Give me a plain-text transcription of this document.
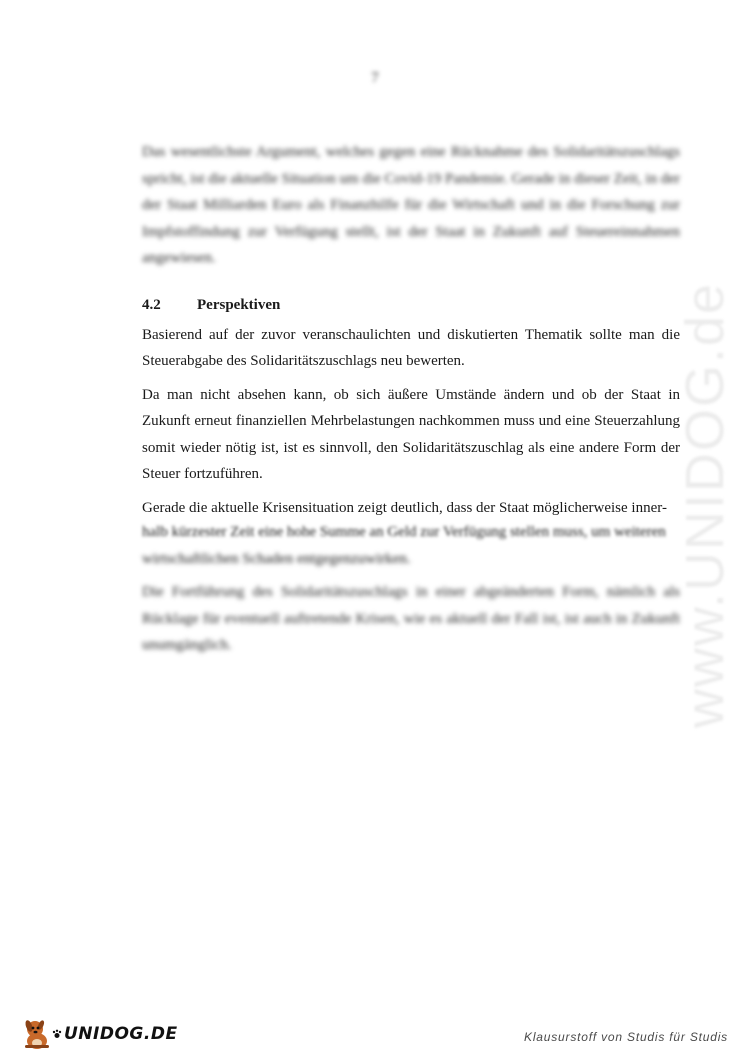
7

Das wesentlichste Argument, welches gegen eine Rücknahme des Solidaritätszuschlags spricht, ist die aktuelle Situation um die Covid-19 Pandemie. Gerade in dieser Zeit, in der der Staat Milliarden Euro als Finanzhilfe für die Wirtschaft und in die Forschung zur Impfstoffindung zur Verfügung stellt, ist der Staat in Zukunft auf Steuereinnahmen angewiesen.

4.2	Perspektiven

Basierend auf der zuvor veranschaulichten und diskutierten Thematik sollte man die Steuerabgabe des Solidaritätszuschlags neu bewerten.

Da man nicht absehen kann, ob sich äußere Umstände ändern und ob der Staat in Zukunft erneut finanziellen Mehrbelastungen nachkommen muss und eine Steuerzahlung somit wieder nötig ist, ist es sinnvoll, den Solidaritätszuschlag als eine andere Form der Steuer fortzuführen.

Gerade die aktuelle Krisensituation zeigt deutlich, dass der Staat möglicherweise inner-
halb kürzester Zeit eine hohe Summe an Geld zur Verfügung stellen muss, um weiteren
wirtschaftlichen Schaden entgegenzuwirken.

Die Fortführung des Solidaritätszuschlags in einer abgeänderten Form, nämlich als Rücklage für eventuell auftretende Krisen, wie es aktuell der Fall ist, ist auch in Zukunft unumgänglich.	www.UNIDOG.de
UNIDOG.DE	Klausurstoff von Studis für Studis
